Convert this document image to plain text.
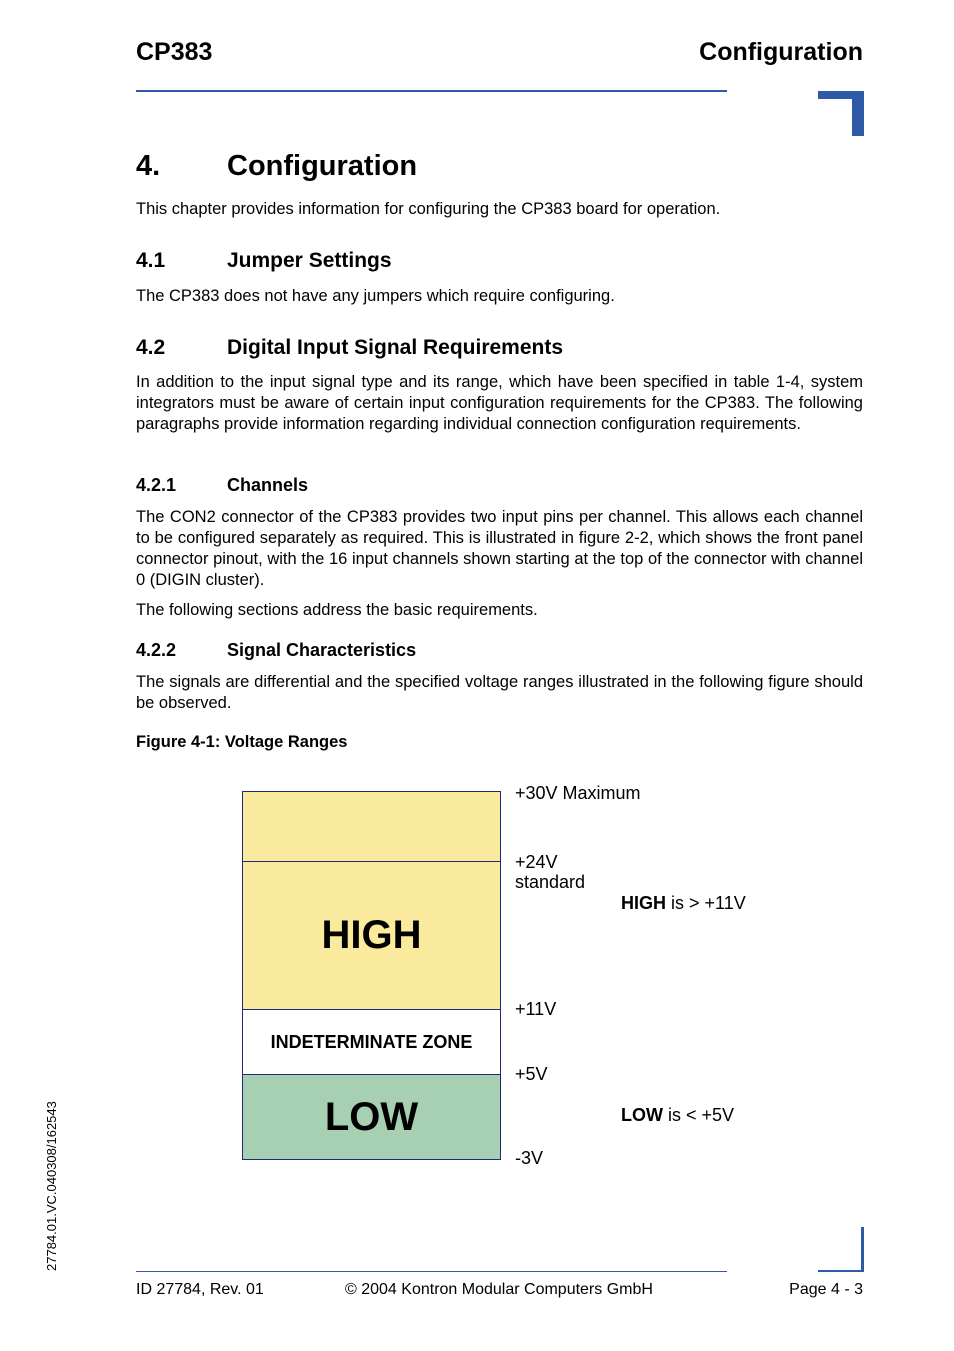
CP383	Configuration
4. Configuration
This chapter provides information for configuring the CP383 board for operation.
4.1	Jumper Settings
The CP383 does not have any jumpers which require configuring.
4.2	Digital Input Signal Requirements
In addition to the input signal type and its range, which have been specified in table 1-4, system integrators must be aware of certain input configuration requirements for the CP383. The following paragraphs provide information regarding individual connection configuration requirements.
4.2.1	Channels
The CON2 connector of the CP383 provides two input pins per channel. This allows each channel to be configured separately as required. This is illustrated in figure 2-2, which shows the front panel connector pinout, with the 16 input channels shown starting at the top of the connector with channel 0 (DIGIN cluster).
The following sections address the basic requirements.
4.2.2	Signal Characteristics
The signals are differential and the specified voltage ranges illustrated in the following figure should be observed.
Figure 4-1: Voltage Ranges
HIGH
INDETERMINATE ZONE
LOW
+30V Maximum
+24V
standard
+11V
+5V
-3V
HIGH is > +11V
LOW is < +5V
27784.01.VC.040308/162543
ID 27784, Rev. 01	© 2004 Kontron Modular Computers GmbH	Page 4 - 3
